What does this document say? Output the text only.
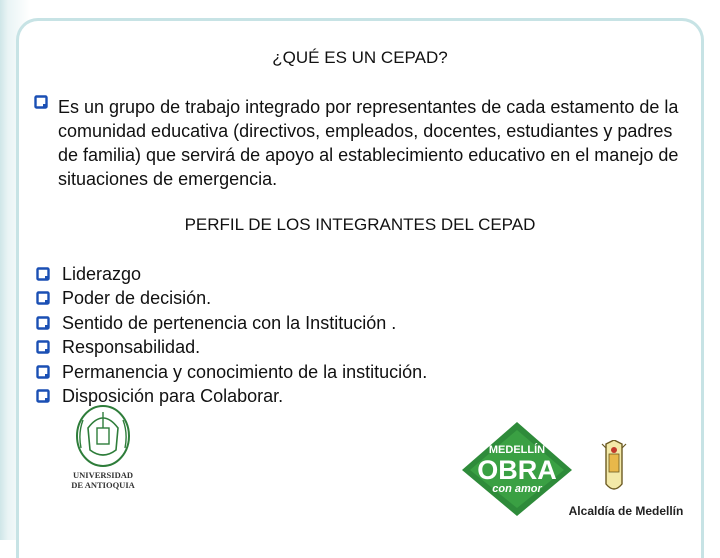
¿QUÉ ES UN CEPAD?
Es un grupo de trabajo integrado por representantes de cada estamento de la comunidad educativa (directivos, empleados, docentes, estudiantes y padres de familia) que servirá de apoyo al establecimiento educativo en el manejo de situaciones de emergencia.
PERFIL DE LOS INTEGRANTES DEL CEPAD
Liderazgo
Poder de decisión.
Sentido de pertenencia con la Institución .
Responsabilidad.
Permanencia y conocimiento de la institución.
Disposición para Colaborar.
UNIVERSIDAD
DE ANTIOQUIA
MEDELLÍN
OBRA
con amor
Alcaldía de Medellín
